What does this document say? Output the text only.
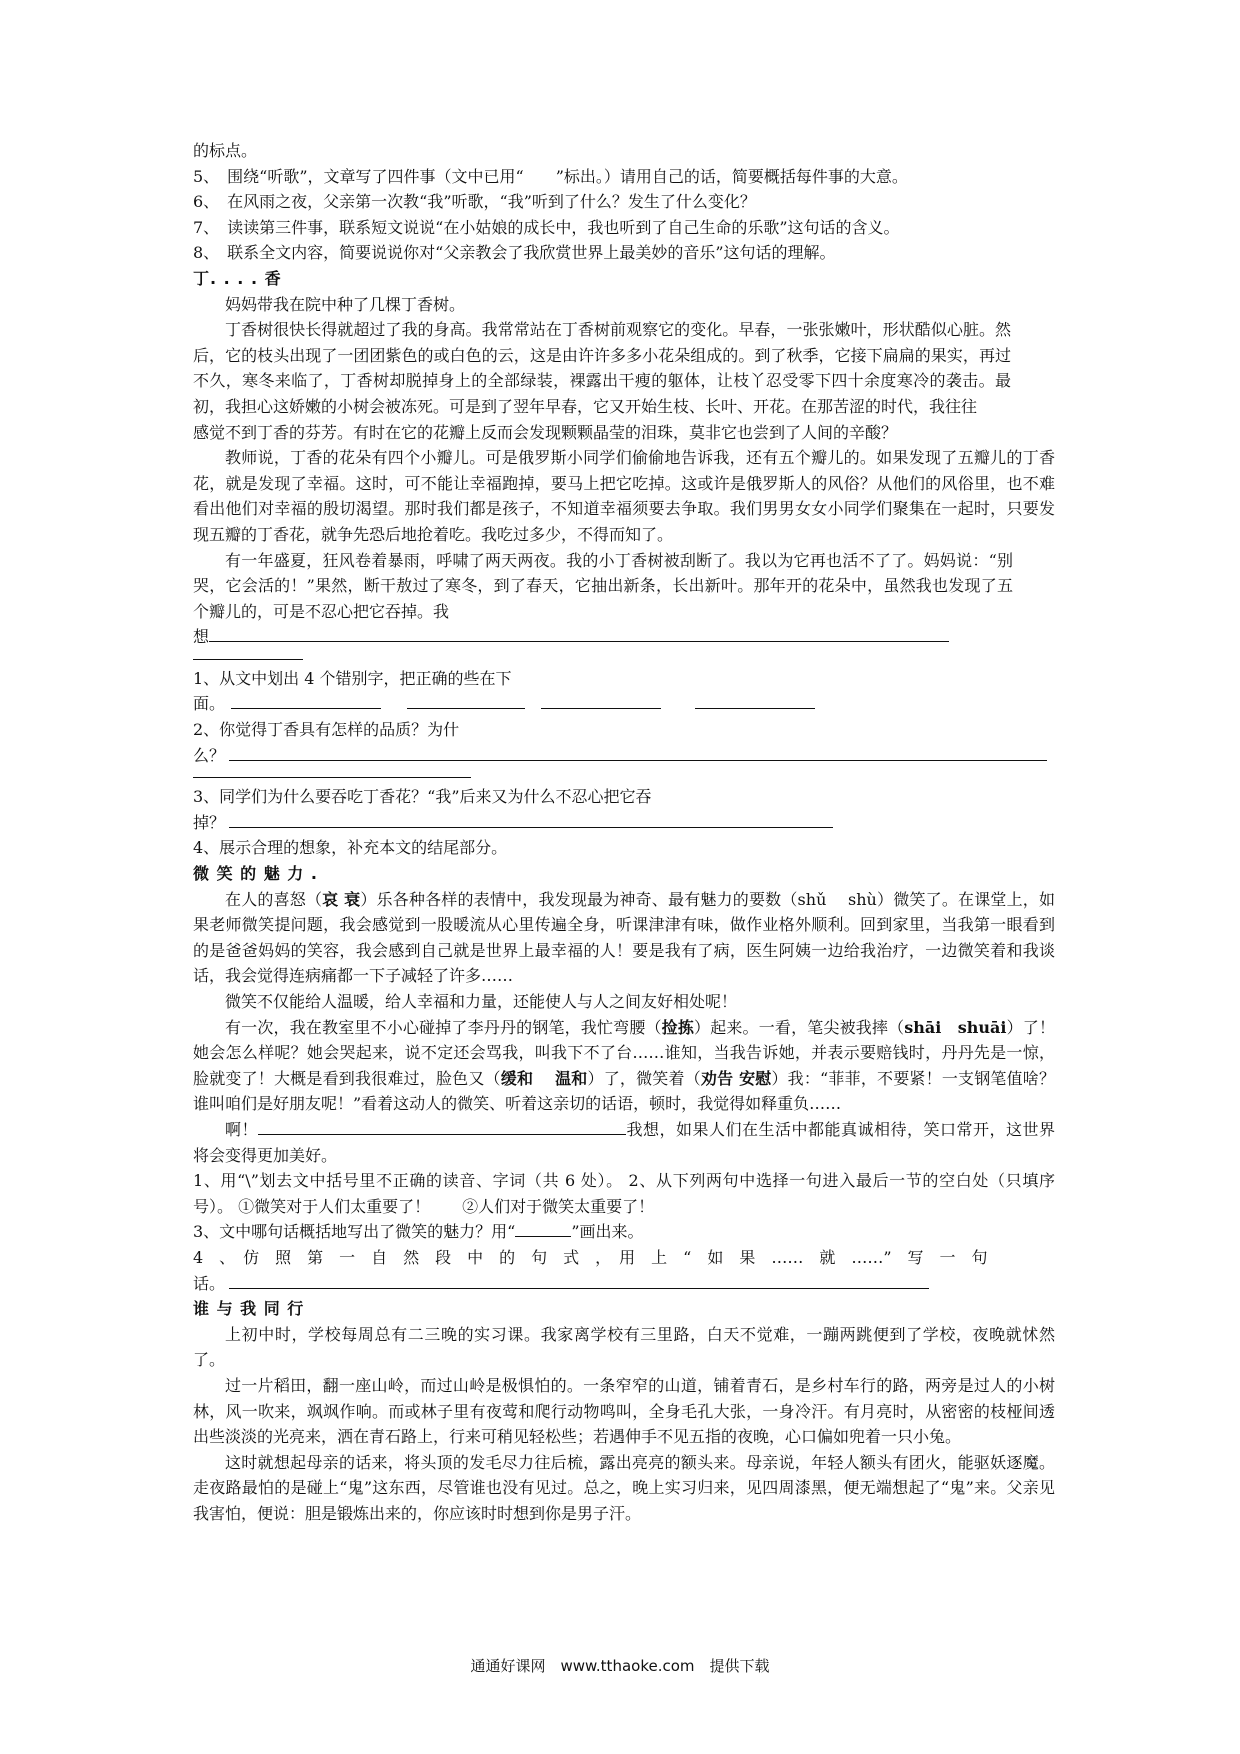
的标点。
5、　围绕“听歌”，文章写了四件事（文中已用“　　”标出。）请用自己的话，简要概括每件事的大意。
6、　在风雨之夜，父亲第一次教“我”听歌，“我”听到了什么？发生了什么变化？
7、　读读第三件事，联系短文说说“在小姑娘的成长中，我也听到了自己生命的乐歌”这句话的含义。
8、　联系全文内容，简要说说你对“父亲教会了我欣赏世界上最美妙的音乐”这句话的理解。
丁. . . . 香
妈妈带我在院中种了几棵丁香树。
丁香树很快长得就超过了我的身高。我常常站在丁香树前观察它的变化。早春，一张张嫩叶，形状酷似心脏。然后，它的枝头出现了一团团紫色的或白色的云，这是由许许多多小花朵组成的。到了秋季，它接下扁扁的果实，再过不久，寒冬来临了，丁香树却脱掉身上的全部绿装，裸露出干瘦的躯体，让枝丫忍受零下四十余度寒冷的袭击。最初，我担心这娇嫩的小树会被冻死。可是到了翌年早春，它又开始生枝、长叶、开花。在那苦涩的时代，我往往
感觉不到丁香的芬芳。有时在它的花瓣上反而会发现颗颗晶莹的泪珠，莫非它也尝到了人间的辛酸？
教师说，丁香的花朵有四个小瓣儿。可是俄罗斯小同学们偷偷地告诉我，还有五个瓣儿的。如果发现了五瓣儿的丁香花，就是发现了幸福。这时，可不能让幸福跑掉，要马上把它吃掉。这或许是俄罗斯人的风俗？从他们的风俗里，也不难看出他们对幸福的殷切渴望。那时我们都是孩子，不知道幸福须要去争取。我们男男女女小同学们聚集在一起时，只要发现五瓣的丁香花，就争先恐后地抢着吃。我吃过多少，不得而知了。
有一年盛夏，狂风卷着暴雨，呼啸了两天两夜。我的小丁香树被刮断了。我以为它再也活不了了。妈妈说：“别哭，它会活的！”果然，断干敖过了寒冬，到了春天，它抽出新条，长出新叶。那年开的花朵中，虽然我也发现了五个瓣儿的，可是不忍心把它吞掉。我
想
1、从文中划出 4 个错别字，把正确的些在下
面。
2、你觉得丁香具有怎样的品质？为什
么？
3、同学们为什么要吞吃丁香花？“我”后来又为什么不忍心把它吞
掉？
4、展示合理的想象，补充本文的结尾部分。
微 笑 的 魅 力 .
在人的喜怒（哀 衰）乐各种各样的表情中，我发现最为神奇、最有魅力的要数（shǔ　 shù）微笑了。在课堂上，如果老师微笑提问题，我会感觉到一股暖流从心里传遍全身，听课津津有味，做作业格外顺利。回到家里，当我第一眼看到的是爸爸妈妈的笑容，我会感到自己就是世界上最幸福的人！要是我有了病，医生阿姨一边给我治疗，一边微笑着和我谈话，我会觉得连病痛都一下子减轻了许多……
微笑不仅能给人温暖，给人幸福和力量，还能使人与人之间友好相处呢！
有一次，我在教室里不小心碰掉了李丹丹的钢笔，我忙弯腰（捡拣）起来。一看，笔尖被我摔（shāi　shuāi）了！她会怎么样呢？她会哭起来，说不定还会骂我，叫我下不了台……谁知，当我告诉她，并表示要赔钱时，丹丹先是一惊，脸就变了！大概是看到我很难过，脸色又（缓和　 温和）了，微笑着（劝告 安慰）我：“菲菲，不要紧！一支钢笔值啥？谁叫咱们是好朋友呢！”看着这动人的微笑、听着这亲切的话语，顿时，我觉得如释重负……
啊！	我想，如果人们在生活中都能真诚相待，笑口常开，这世界将会变得更加美好。
1、用“\”划去文中括号里不正确的读音、字词（共 6 处）。 2、从下列两句中选择一句进入最后一节的空白处（只填序号）。 ①微笑对于人们太重要了！　　②人们对于微笑太重要了！
3、文中哪句话概括地写出了微笑的魅力？用“	”画出来。
4　、　仿　照　第　一　自　然　段　中　的　句　式　，　用　上　“　如　果　……　就　……”　写　一　句
话。
谁 与 我 同 行
上初中时，学校每周总有二三晚的实习课。我家离学校有三里路，白天不觉难，一蹦两跳便到了学校，夜晚就怵然了。
过一片稻田，翻一座山岭，而过山岭是极惧怕的。一条窄窄的山道，铺着青石，是乡村车行的路，两旁是过人的小树林，风一吹来，飒飒作响。而或林子里有夜莺和爬行动物鸣叫，全身毛孔大张，一身冷汗。有月亮时，从密密的枝桠间透出些淡淡的光亮来，洒在青石路上，行来可稍见轻松些；若遇伸手不见五指的夜晚，心口偏如兜着一只小兔。
这时就想起母亲的话来，将头顶的发毛尽力往后梳，露出亮亮的额头来。母亲说，年轻人额头有团火，能驱妖逐魔。走夜路最怕的是碰上“鬼”这东西，尽管谁也没有见过。总之，晚上实习归来，见四周漆黑，便无端想起了“鬼”来。父亲见我害怕，便说：胆是锻炼出来的，你应该时时想到你是男子汗。
通通好课网　www.tthaoke.com　提供下载
